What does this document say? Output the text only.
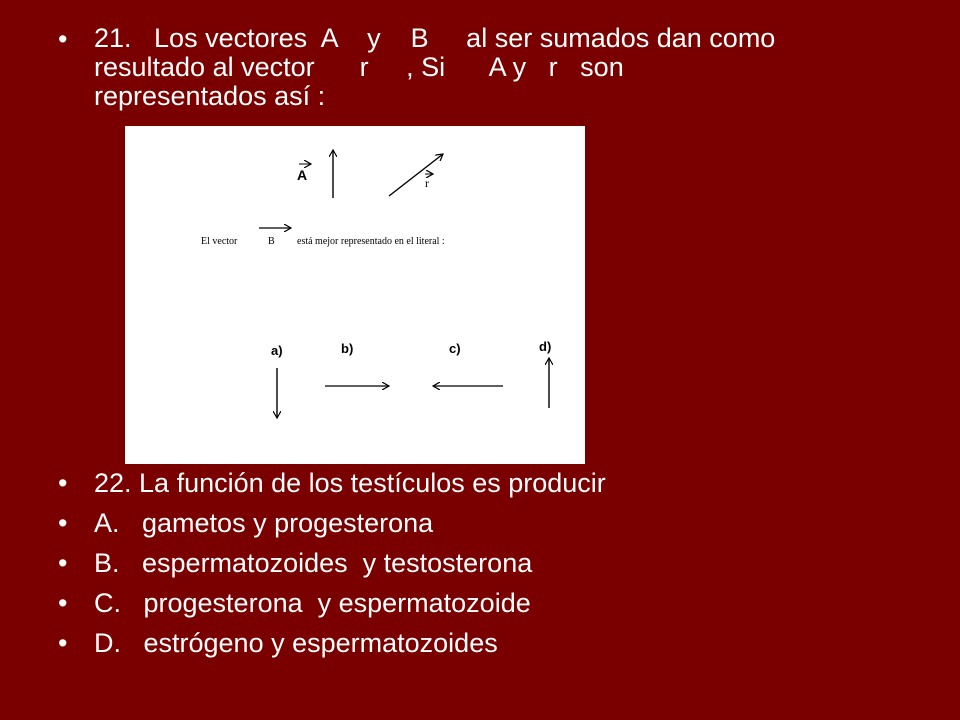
• 21.   Los vectores  A    y    B     al ser sumados dan como
resultado al vector      r     , Si      A y   r   son
representados así :
A	r
El vector	B está mejor representado en el literal :
a)	b)	c)	d)
• 22. La función de los testículos es producir
• A.   gametos y progesterona
• B.   espermatozoides  y testosterona
• C.   progesterona  y espermatozoide
• D.   estrógeno y espermatozoides
